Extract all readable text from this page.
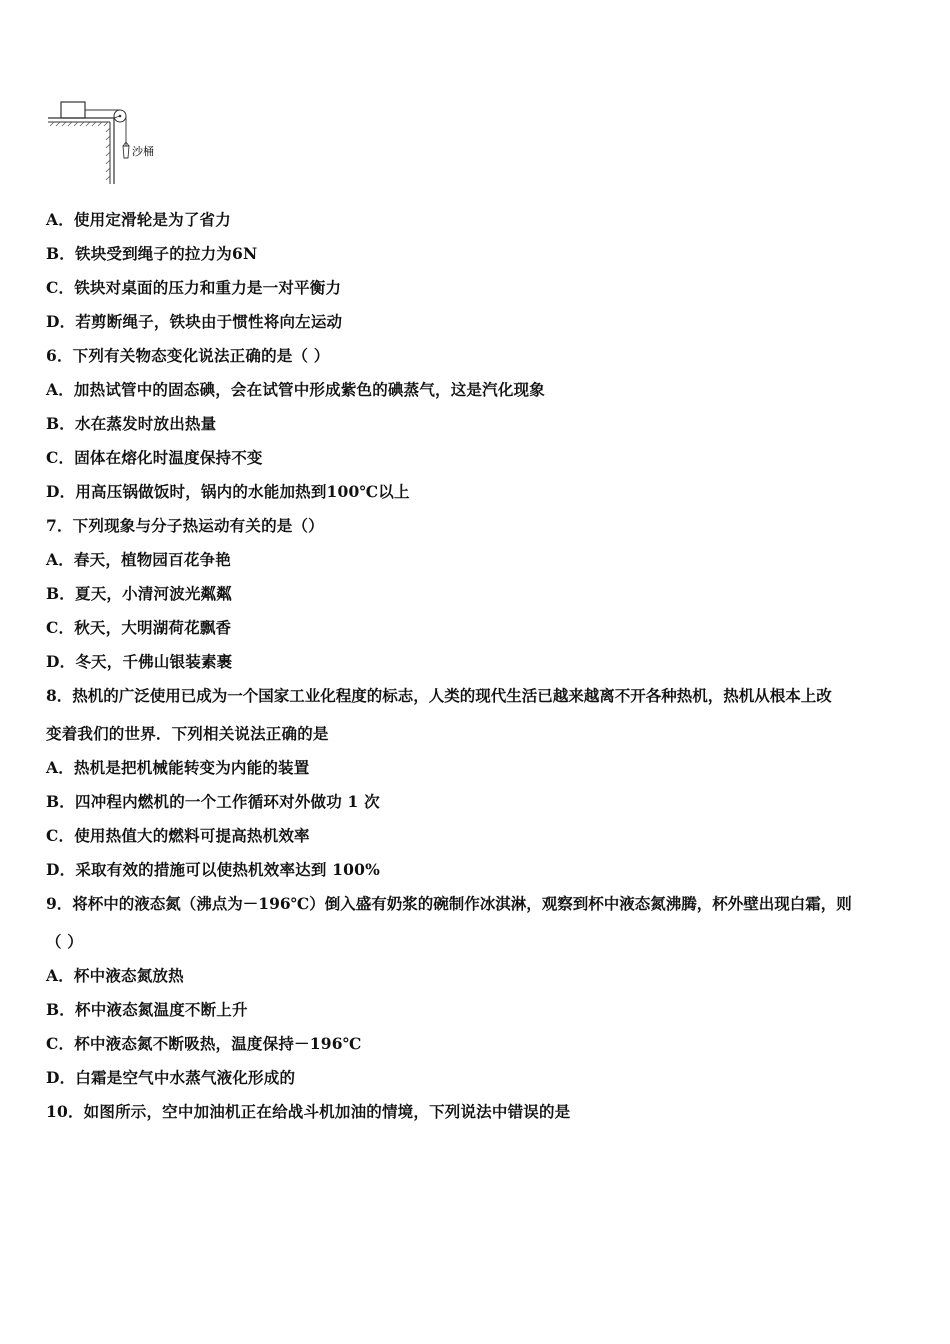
沙桶
A．使用定滑轮是为了省力
B．铁块受到绳子的拉力为6N
C．铁块对桌面的压力和重力是一对平衡力
D．若剪断绳子，铁块由于惯性将向左运动
6．下列有关物态变化说法正确的是（ ）
A．加热试管中的固态碘，会在试管中形成紫色的碘蒸气，这是汽化现象
B．水在蒸发时放出热量
C．固体在熔化时温度保持不变
D．用高压锅做饭时，锅内的水能加热到100℃以上
7．下列现象与分子热运动有关的是（）
A．春天，植物园百花争艳
B．夏天，小清河波光粼粼
C．秋天，大明湖荷花飘香
D．冬天，千佛山银装素裹
8．热机的广泛使用已成为一个国家工业化程度的标志，人类的现代生活已越来越离不开各种热机，热机从根本上改
变着我们的世界．下列相关说法正确的是
A．热机是把机械能转变为内能的装置
B．四冲程内燃机的一个工作循环对外做功 1 次
C．使用热值大的燃料可提高热机效率
D．采取有效的措施可以使热机效率达到 100%
9．将杯中的液态氮（沸点为－196℃）倒入盛有奶浆的碗制作冰淇淋，观察到杯中液态氮沸腾，杯外壁出现白霜，则
（ ）
A．杯中液态氮放热
B．杯中液态氮温度不断上升
C．杯中液态氮不断吸热，温度保持－196℃
D．白霜是空气中水蒸气液化形成的
10．如图所示，空中加油机正在给战斗机加油的情境，下列说法中错误的是
